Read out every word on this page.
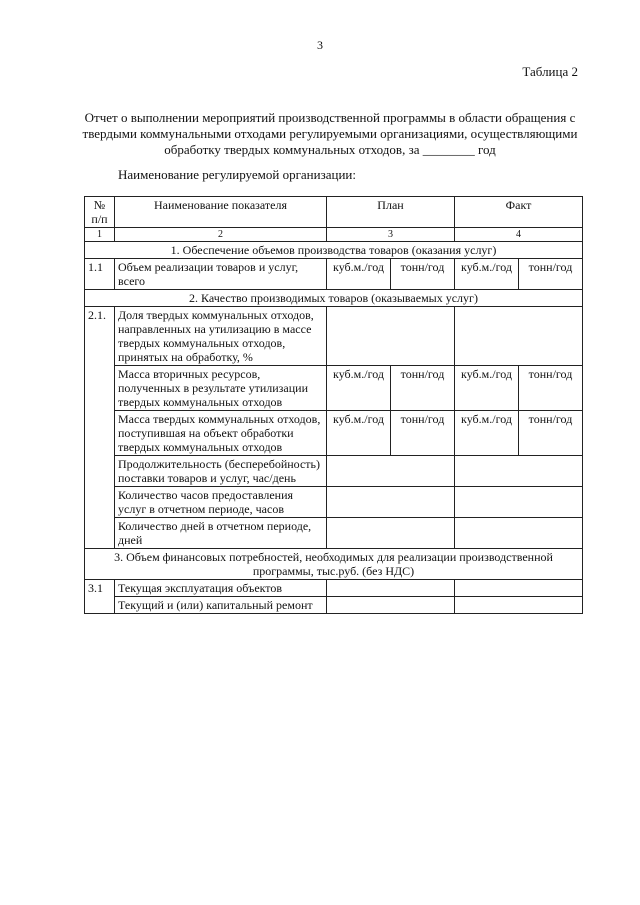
3
Таблица 2
Отчет о выполнении мероприятий производственной программы в области обращения с твердыми коммунальными отходами регулируемыми организациями, осуществляющими обработку твердых коммунальных отходов, за ________ год
Наименование регулируемой организации:
№ п/п	Наименование показателя	План		Факт	
1	2	3		4	
1. Обеспечение объемов производства товаров (оказания услуг)					
1.1	Объем реализации товаров и услуг, всего	куб.м./год	тонн/год	куб.м./год	тонн/год
2. Качество производимых товаров (оказываемых услуг)					
2.1.	Доля твердых коммунальных отходов, направленных на утилизацию в массе твердых коммунальных отходов, принятых на обработку, %				
	Масса вторичных ресурсов, полученных в результате утилизации твердых коммунальных отходов	куб.м./год	тонн/год	куб.м./год	тонн/год
	Масса твердых коммунальных отходов, поступившая на объект обработки твердых коммунальных отходов	куб.м./год	тонн/год	куб.м./год	тонн/год
	Продолжительность (бесперебойность) поставки товаров и услуг, час/день				
	Количество часов предоставления услуг в отчетном периоде, часов				
	Количество дней в отчетном периоде, дней				
3. Объем финансовых потребностей, необходимых для реализации производственной программы, тыс.руб. (без НДС)					
3.1	Текущая эксплуатация объектов				
	Текущий и (или) капитальный ремонт				
